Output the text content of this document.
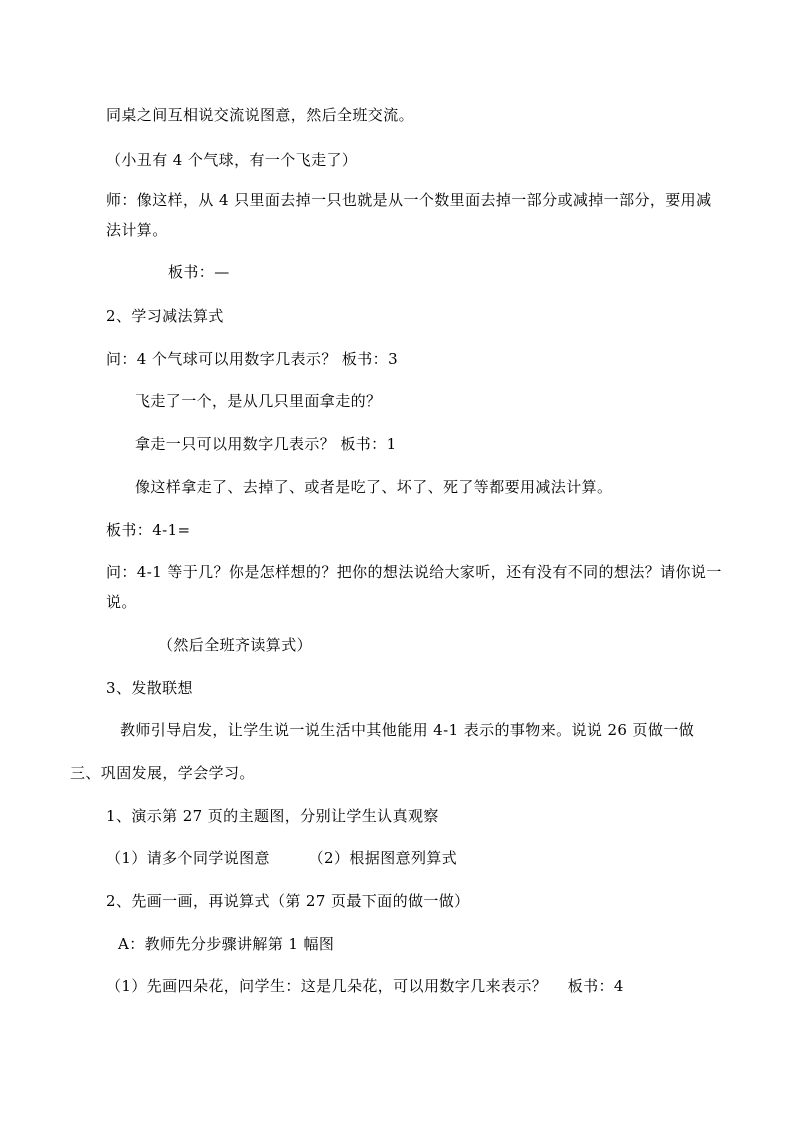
同桌之间互相说交流说图意，然后全班交流。
（小丑有 4 个气球，有一个飞走了）
师：像这样，从 4 只里面去掉一只也就是从一个数里面去掉一部分或减掉一部分，要用减法计算。
板书：—
2、学习减法算式
问：4 个气球可以用数字几表示？ 板书：3
飞走了一个，是从几只里面拿走的？
拿走一只可以用数字几表示？ 板书：1
像这样拿走了、去掉了、或者是吃了、坏了、死了等都要用减法计算。
板书：4-1=
问：4-1 等于几？你是怎样想的？把你的想法说给大家听，还有没有不同的想法？请你说一说。
（然后全班齐读算式）
3、发散联想
教师引导启发，让学生说一说生活中其他能用 4-1 表示的事物来。说说 26 页做一做
三、巩固发展，学会学习。
1、演示第 27 页的主题图，分别让学生认真观察
（1）请多个同学说图意　　　（2）根据图意列算式
2、先画一画，再说算式（第 27 页最下面的做一做）
A：教师先分步骤讲解第 1 幅图
（1）先画四朵花，问学生：这是几朵花，可以用数字几来表示？　 板书：4
